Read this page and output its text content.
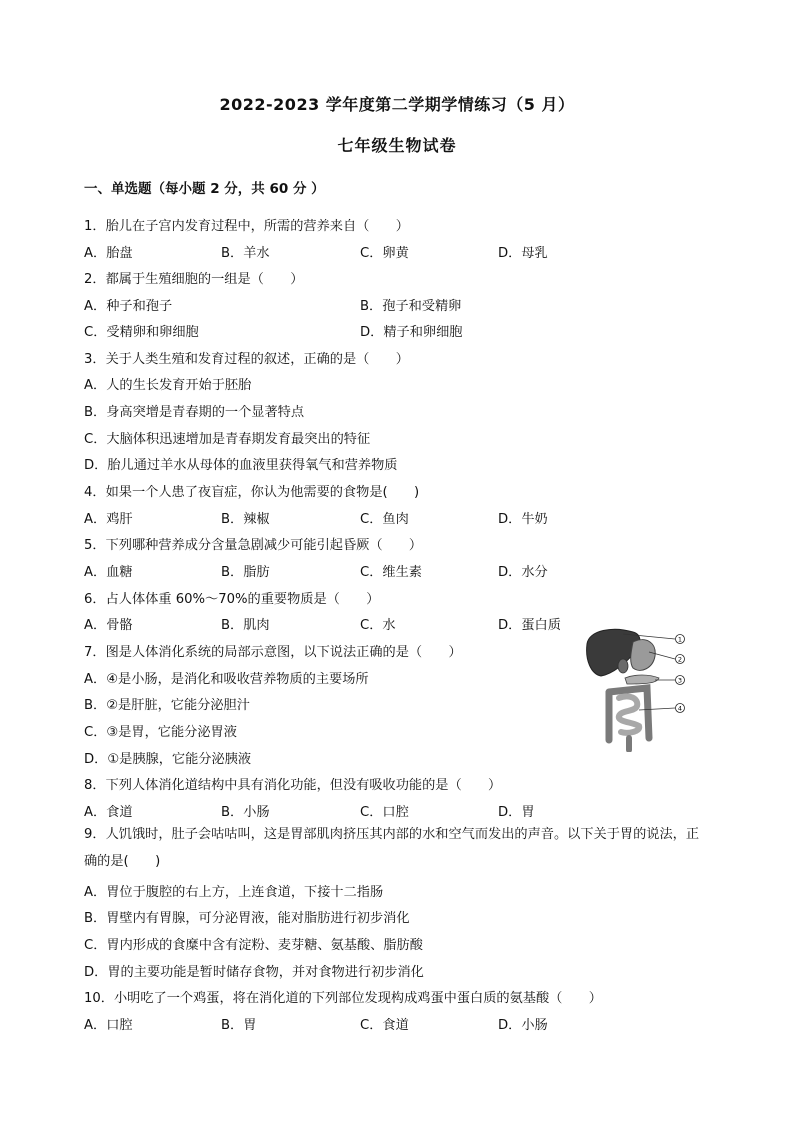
2022-2023 学年度第二学期学情练习（5 月）
七年级生物试卷
一、单选题（每小题 2 分，共 60 分 ）
1．胎儿在子宫内发育过程中，所需的营养来自（　　）
A．胎盘	B．羊水	C．卵黄	D．母乳
2．都属于生殖细胞的一组是（　　）
A．种子和孢子	B．孢子和受精卵
C．受精卵和卵细胞	D．精子和卵细胞
3．关于人类生殖和发育过程的叙述，正确的是（　　）
A．人的生长发育开始于胚胎
B．身高突增是青春期的一个显著特点
C．大脑体积迅速增加是青春期发育最突出的特征
D．胎儿通过羊水从母体的血液里获得氧气和营养物质
4．如果一个人患了夜盲症，你认为他需要的食物是(　　)
A．鸡肝	B．辣椒	C．鱼肉	D．牛奶
5．下列哪种营养成分含量急剧减少可能引起昏厥（　　）
A．血糖	B．脂肪	C．维生素	D．水分
6．占人体体重 60%～70%的重要物质是（　　）
A．骨骼	B．肌肉	C．水	D．蛋白质
7．图是人体消化系统的局部示意图，以下说法正确的是（　　）
A．④是小肠，是消化和吸收营养物质的主要场所
B．②是肝脏，它能分泌胆汁
C．③是胃，它能分泌胃液
D．①是胰腺，它能分泌胰液
1
2
3
4
8．下列人体消化道结构中具有消化功能，但没有吸收功能的是（　　）
A．食道	B．小肠	C．口腔	D．胃
9．人饥饿时，肚子会咕咕叫，这是胃部肌肉挤压其内部的水和空气而发出的声音。以下关于胃的说法，正确的是(　　)
A．胃位于腹腔的右上方，上连食道，下接十二指肠
B．胃壁内有胃腺，可分泌胃液，能对脂肪进行初步消化
C．胃内形成的食糜中含有淀粉、麦芽糖、氨基酸、脂肪酸
D．胃的主要功能是暂时储存食物，并对食物进行初步消化
10．小明吃了一个鸡蛋，将在消化道的下列部位发现构成鸡蛋中蛋白质的氨基酸（　　）
A．口腔	B．胃	C．食道	D．小肠
